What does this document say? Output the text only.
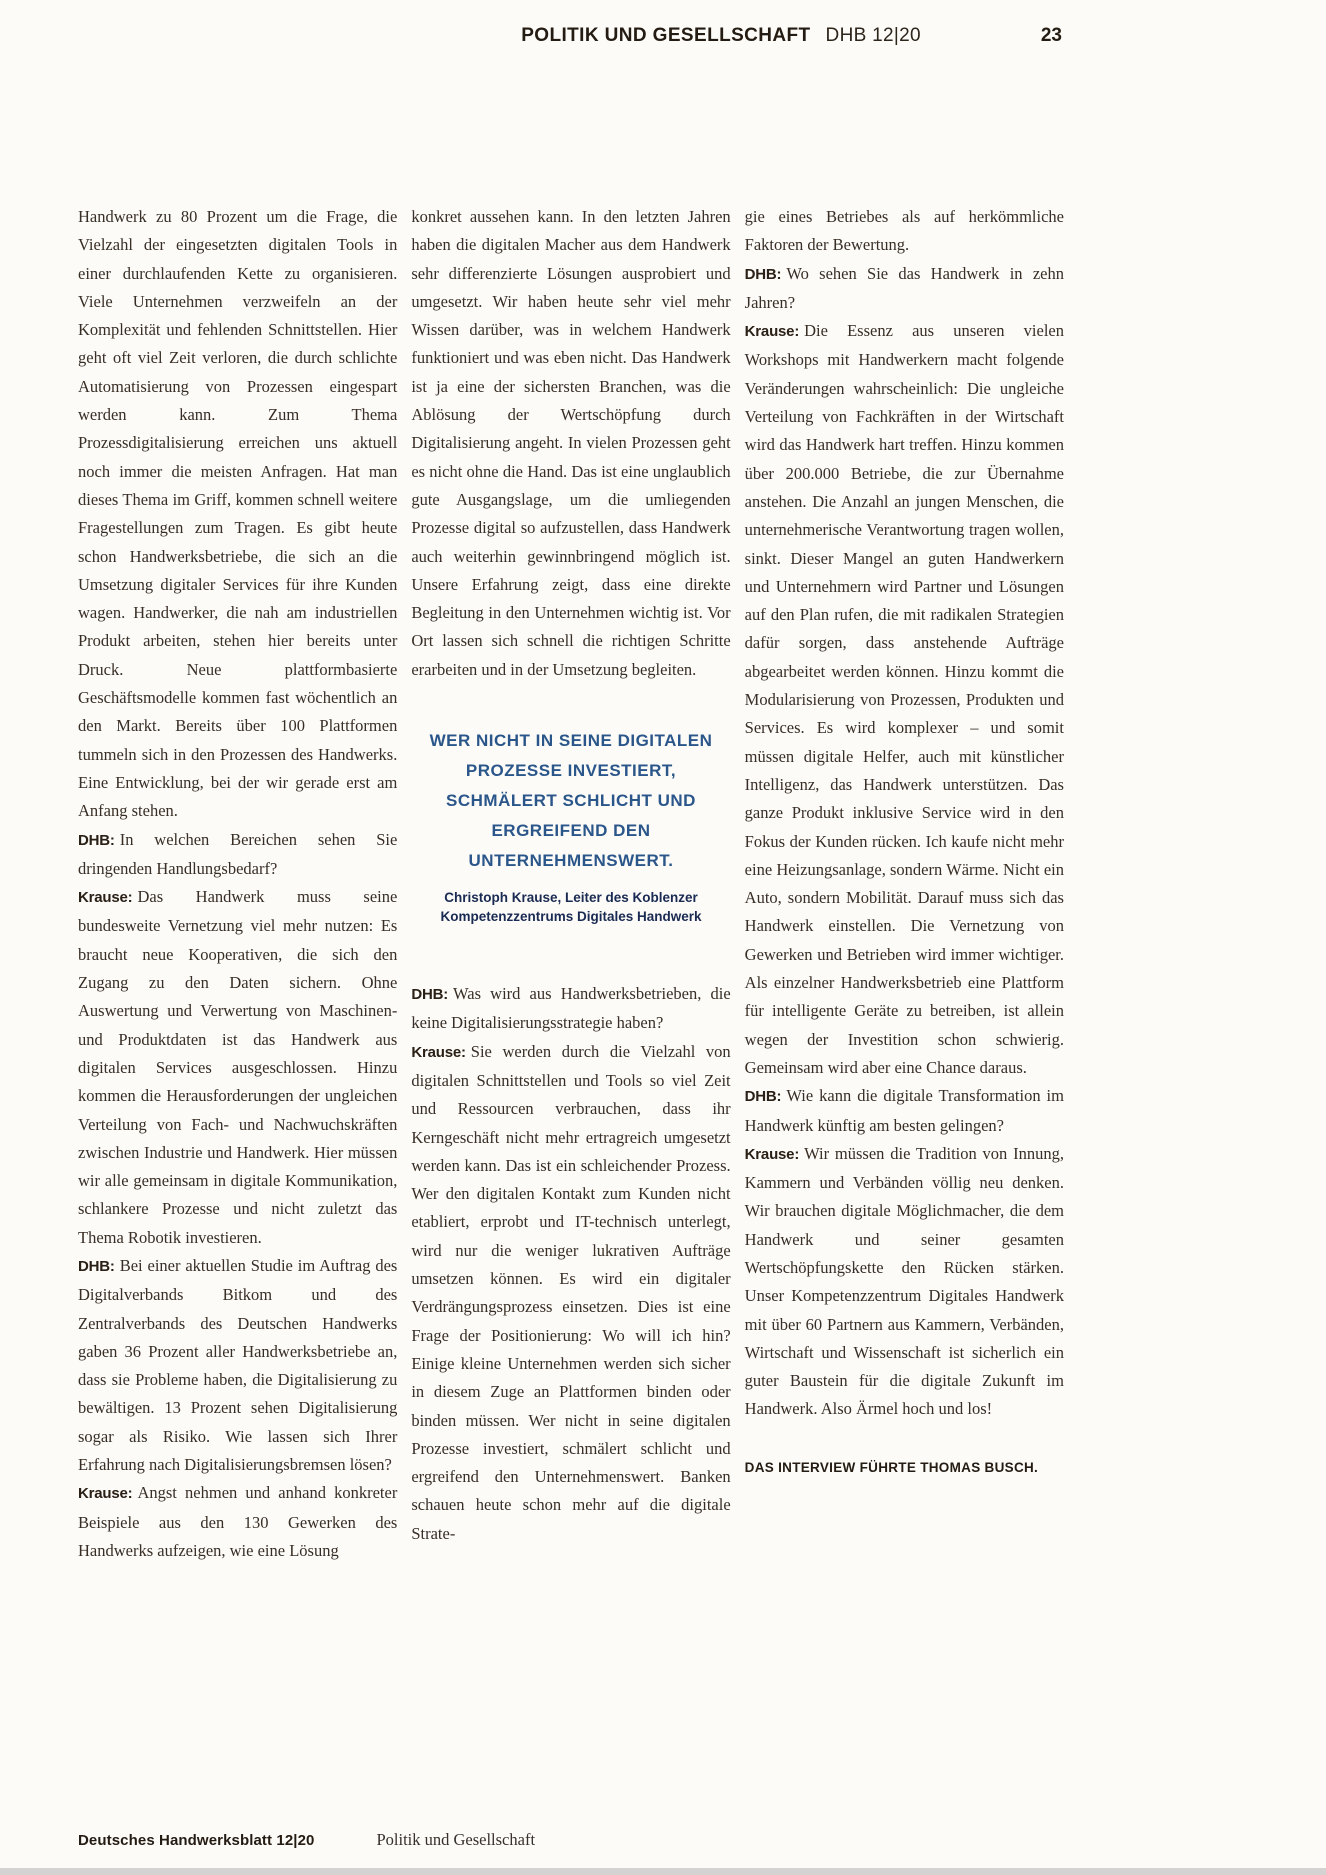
POLITIK UND GESELLSCHAFT DHB 12|20	23

Handwerk zu 80 Prozent um die Frage, die Vielzahl der eingesetzten digitalen Tools in einer durchlaufenden Kette zu organisieren. Viele Unternehmen verzweifeln an der Komplexität und fehlenden Schnittstellen. Hier geht oft viel Zeit verloren, die durch schlichte Automatisierung von Prozessen eingespart werden kann. Zum Thema Prozessdigitalisierung erreichen uns aktuell noch immer die meisten Anfragen. Hat man dieses Thema im Griff, kommen schnell weitere Fragestellungen zum Tragen. Es gibt heute schon Handwerksbetriebe, die sich an die Umsetzung digitaler Services für ihre Kunden wagen. Handwerker, die nah am industriellen Produkt arbeiten, stehen hier bereits unter Druck. Neue plattformbasierte Geschäftsmodelle kommen fast wöchentlich an den Markt. Bereits über 100 Plattformen tummeln sich in den Prozessen des Handwerks. Eine Entwicklung, bei der wir gerade erst am Anfang stehen.

DHB: In welchen Bereichen sehen Sie dringenden Handlungsbedarf?

Krause: Das Handwerk muss seine bundesweite Vernetzung viel mehr nutzen: Es braucht neue Kooperativen, die sich den Zugang zu den Daten sichern. Ohne Auswertung und Verwertung von Maschinen- und Produktdaten ist das Handwerk aus digitalen Services ausgeschlossen. Hinzu kommen die Herausforderungen der ungleichen Verteilung von Fach- und Nachwuchskräften zwischen Industrie und Handwerk. Hier müssen wir alle gemeinsam in digitale Kommunikation, schlankere Prozesse und nicht zuletzt das Thema Robotik investieren.

DHB: Bei einer aktuellen Studie im Auftrag des Digitalverbands Bitkom und des Zentralverbands des Deutschen Handwerks gaben 36 Prozent aller Handwerksbetriebe an, dass sie Probleme haben, die Digitalisierung zu bewältigen. 13 Prozent sehen Digitalisierung sogar als Risiko. Wie lassen sich Ihrer Erfahrung nach Digitalisierungsbremsen lösen?

Krause: Angst nehmen und anhand konkreter Beispiele aus den 130 Gewerken des Handwerks aufzeigen, wie eine Lösung

konkret aussehen kann. In den letzten Jahren haben die digitalen Macher aus dem Handwerk sehr differenzierte Lösungen ausprobiert und umgesetzt. Wir haben heute sehr viel mehr Wissen darüber, was in welchem Handwerk funktioniert und was eben nicht. Das Handwerk ist ja eine der sichersten Branchen, was die Ablösung der Wertschöpfung durch Digitalisierung angeht. In vielen Prozessen geht es nicht ohne die Hand. Das ist eine unglaublich gute Ausgangslage, um die umliegenden Prozesse digital so aufzustellen, dass Handwerk auch weiterhin gewinnbringend möglich ist. Unsere Erfahrung zeigt, dass eine direkte Begleitung in den Unternehmen wichtig ist. Vor Ort lassen sich schnell die richtigen Schritte erarbeiten und in der Umsetzung begleiten.

WER NICHT IN SEINE DIGITALEN PROZESSE INVESTIERT, SCHMÄLERT SCHLICHT UND ERGREIFEND DEN UNTERNEHMENSWERT.
Christoph Krause, Leiter des Koblenzer Kompetenzzentrums Digitales Handwerk

DHB: Was wird aus Handwerksbetrieben, die keine Digitalisierungsstrategie haben?

Krause: Sie werden durch die Vielzahl von digitalen Schnittstellen und Tools so viel Zeit und Ressourcen verbrauchen, dass ihr Kerngeschäft nicht mehr ertragreich umgesetzt werden kann. Das ist ein schleichender Prozess. Wer den digitalen Kontakt zum Kunden nicht etabliert, erprobt und IT-technisch unterlegt, wird nur die weniger lukrativen Aufträge umsetzen können. Es wird ein digitaler Verdrängungsprozess einsetzen. Dies ist eine Frage der Positionierung: Wo will ich hin? Einige kleine Unternehmen werden sich sicher in diesem Zuge an Plattformen binden oder binden müssen. Wer nicht in seine digitalen Prozesse investiert, schmälert schlicht und ergreifend den Unternehmenswert. Banken schauen heute schon mehr auf die digitale Strate-

gie eines Betriebes als auf herkömmliche Faktoren der Bewertung.

DHB: Wo sehen Sie das Handwerk in zehn Jahren?

Krause: Die Essenz aus unseren vielen Workshops mit Handwerkern macht folgende Veränderungen wahrscheinlich: Die ungleiche Verteilung von Fachkräften in der Wirtschaft wird das Handwerk hart treffen. Hinzu kommen über 200.000 Betriebe, die zur Übernahme anstehen. Die Anzahl an jungen Menschen, die unternehmerische Verantwortung tragen wollen, sinkt. Dieser Mangel an guten Handwerkern und Unternehmern wird Partner und Lösungen auf den Plan rufen, die mit radikalen Strategien dafür sorgen, dass anstehende Aufträge abgearbeitet werden können. Hinzu kommt die Modularisierung von Prozessen, Produkten und Services. Es wird komplexer – und somit müssen digitale Helfer, auch mit künstlicher Intelligenz, das Handwerk unterstützen. Das ganze Produkt inklusive Service wird in den Fokus der Kunden rücken. Ich kaufe nicht mehr eine Heizungsanlage, sondern Wärme. Nicht ein Auto, sondern Mobilität. Darauf muss sich das Handwerk einstellen. Die Vernetzung von Gewerken und Betrieben wird immer wichtiger. Als einzelner Handwerksbetrieb eine Plattform für intelligente Geräte zu betreiben, ist allein wegen der Investition schon schwierig. Gemeinsam wird aber eine Chance daraus.

DHB: Wie kann die digitale Transformation im Handwerk künftig am besten gelingen?

Krause: Wir müssen die Tradition von Innung, Kammern und Verbänden völlig neu denken. Wir brauchen digitale Möglichmacher, die dem Handwerk und seiner gesamten Wertschöpfungskette den Rücken stärken. Unser Kompetenzzentrum Digitales Handwerk mit über 60 Partnern aus Kammern, Verbänden, Wirtschaft und Wissenschaft ist sicherlich ein guter Baustein für die digitale Zukunft im Handwerk. Also Ärmel hoch und los!

DAS INTERVIEW FÜHRTE THOMAS BUSCH.

Deutsches Handwerksblatt 12|20	Politik und Gesellschaft
